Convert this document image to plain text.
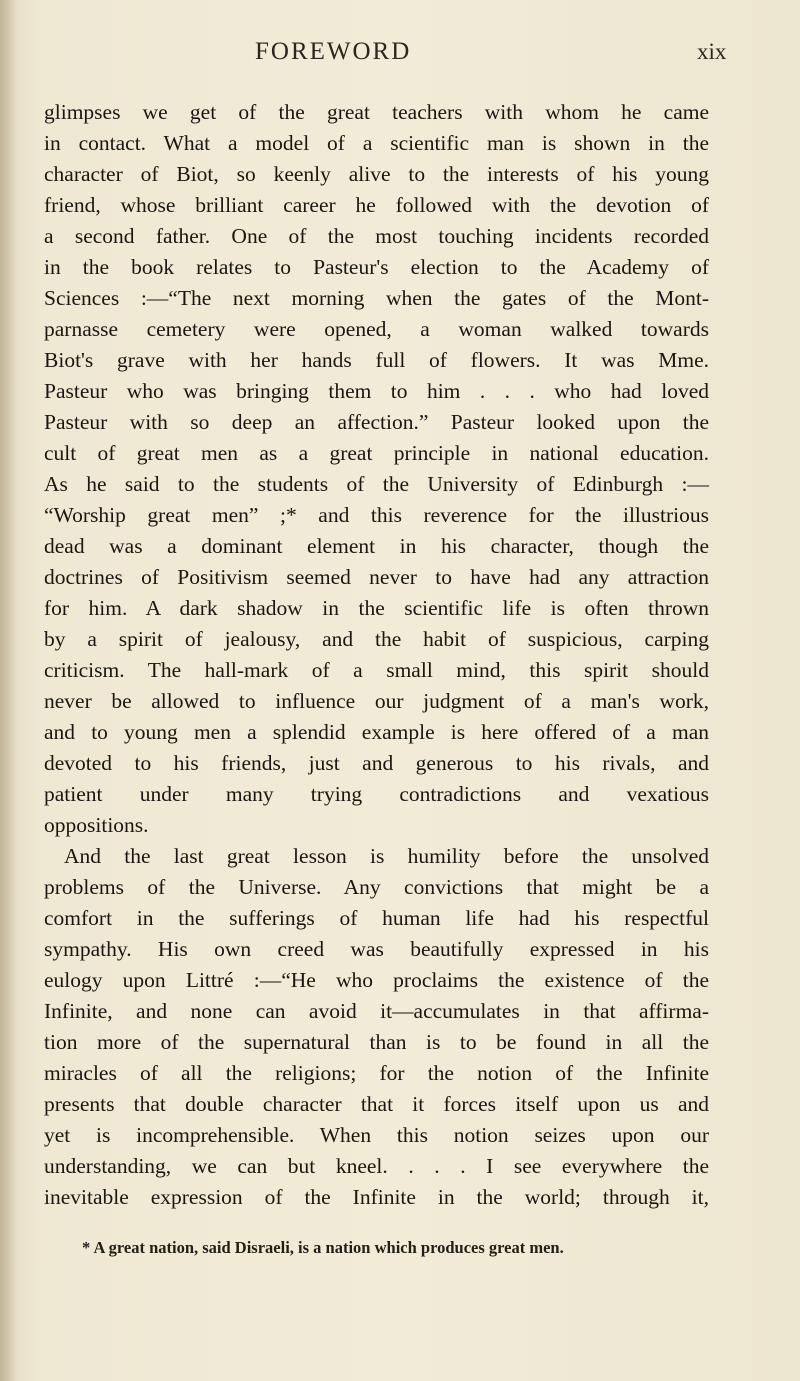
FOREWORD	xix
glimpses we get of the great teachers with whom he came
in contact. What a model of a scientific man is shown in the
character of Biot, so keenly alive to the interests of his young
friend, whose brilliant career he followed with the devotion of
a second father. One of the most touching incidents recorded
in the book relates to Pasteur's election to the Academy of
Sciences :—“The next morning when the gates of the Mont-
parnasse cemetery were opened, a woman walked towards
Biot's grave with her hands full of flowers. It was Mme.
Pasteur who was bringing them to him . . . who had loved
Pasteur with so deep an affection.” Pasteur looked upon the
cult of great men as a great principle in national education.
As he said to the students of the University of Edinburgh :—
“Worship great men” ;* and this reverence for the illustrious
dead was a dominant element in his character, though the
doctrines of Positivism seemed never to have had any attraction
for him. A dark shadow in the scientific life is often thrown
by a spirit of jealousy, and the habit of suspicious, carping
criticism. The hall-mark of a small mind, this spirit should
never be allowed to influence our judgment of a man's work,
and to young men a splendid example is here offered of a man
devoted to his friends, just and generous to his rivals, and
patient under many trying contradictions and vexatious
oppositions.
And the last great lesson is humility before the unsolved
problems of the Universe. Any convictions that might be a
comfort in the sufferings of human life had his respectful
sympathy. His own creed was beautifully expressed in his
eulogy upon Littré :—“He who proclaims the existence of the
Infinite, and none can avoid it—accumulates in that affirma-
tion more of the supernatural than is to be found in all the
miracles of all the religions; for the notion of the Infinite
presents that double character that it forces itself upon us and
yet is incomprehensible. When this notion seizes upon our
understanding, we can but kneel. . . . I see everywhere the
inevitable expression of the Infinite in the world; through it,
* A great nation, said Disraeli, is a nation which produces great men.
